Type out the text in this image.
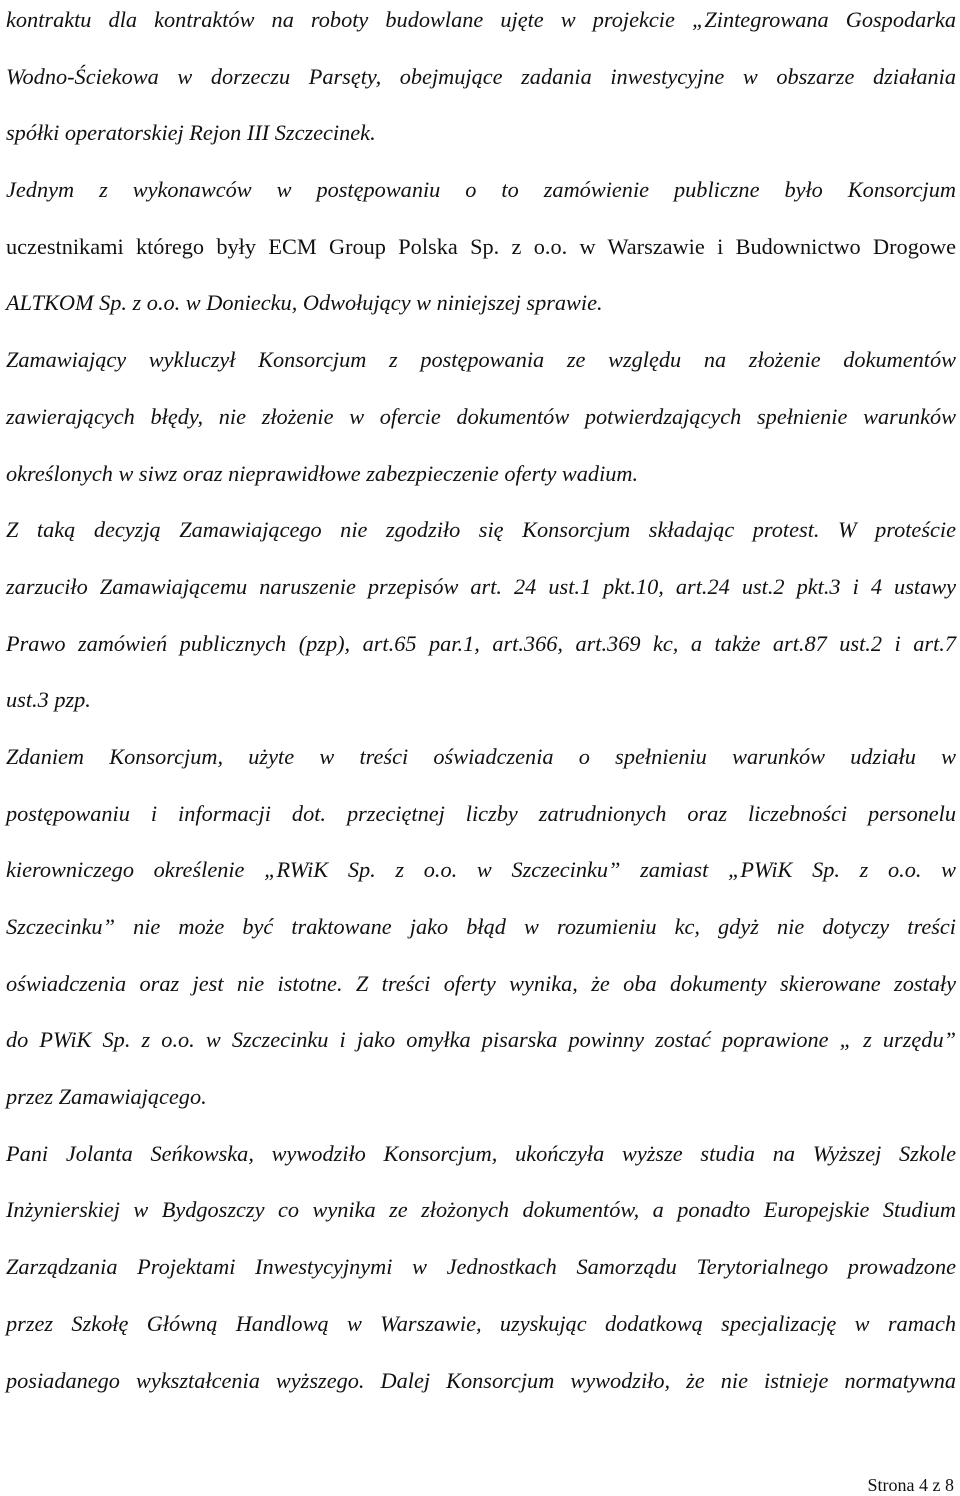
kontraktu dla kontraktów na roboty budowlane ujęte w projekcie „Zintegrowana Gospodarka
Wodno-Ściekowa w dorzeczu Parsęty, obejmujące zadania inwestycyjne w obszarze działania
spółki operatorskiej Rejon III Szczecinek.
Jednym z wykonawców w postępowaniu o to zamówienie publiczne było Konsorcjum
uczestnikami którego były ECM Group Polska Sp. z o.o. w Warszawie i Budownictwo Drogowe
ALTKOM Sp. z o.o. w Doniecku, Odwołujący w niniejszej sprawie.
Zamawiający wykluczył Konsorcjum z postępowania ze względu na złożenie dokumentów
zawierających błędy, nie złożenie w ofercie dokumentów potwierdzających spełnienie warunków
określonych w siwz oraz nieprawidłowe zabezpieczenie oferty wadium.
Z taką decyzją Zamawiającego nie zgodziło się Konsorcjum składając protest. W proteście
zarzuciło Zamawiającemu naruszenie przepisów art. 24 ust.1 pkt.10, art.24 ust.2 pkt.3 i 4 ustawy
Prawo zamówień publicznych (pzp), art.65 par.1, art.366, art.369 kc, a także art.87 ust.2 i art.7
ust.3 pzp.
Zdaniem Konsorcjum, użyte w treści oświadczenia o spełnieniu warunków udziału w
postępowaniu i informacji dot. przeciętnej liczby zatrudnionych oraz liczebności personelu
kierowniczego określenie „RWiK Sp. z o.o. w Szczecinku” zamiast „PWiK Sp. z o.o. w
Szczecinku” nie może być traktowane jako błąd w rozumieniu kc, gdyż nie dotyczy treści
oświadczenia oraz jest nie istotne. Z treści oferty wynika, że oba dokumenty skierowane zostały
do PWiK Sp. z o.o. w Szczecinku i jako omyłka pisarska powinny zostać poprawione „ z urzędu”
przez Zamawiającego.
Pani Jolanta Seńkowska, wywodziło Konsorcjum, ukończyła wyższe studia na Wyższej Szkole
Inżynierskiej w Bydgoszczy co wynika ze złożonych dokumentów, a ponadto Europejskie Studium
Zarządzania Projektami Inwestycyjnymi w Jednostkach Samorządu Terytorialnego prowadzone
przez Szkołę Główną Handlową w Warszawie, uzyskując dodatkową specjalizację w ramach
posiadanego wykształcenia wyższego. Dalej Konsorcjum wywodziło, że nie istnieje normatywna
Strona 4 z 8
